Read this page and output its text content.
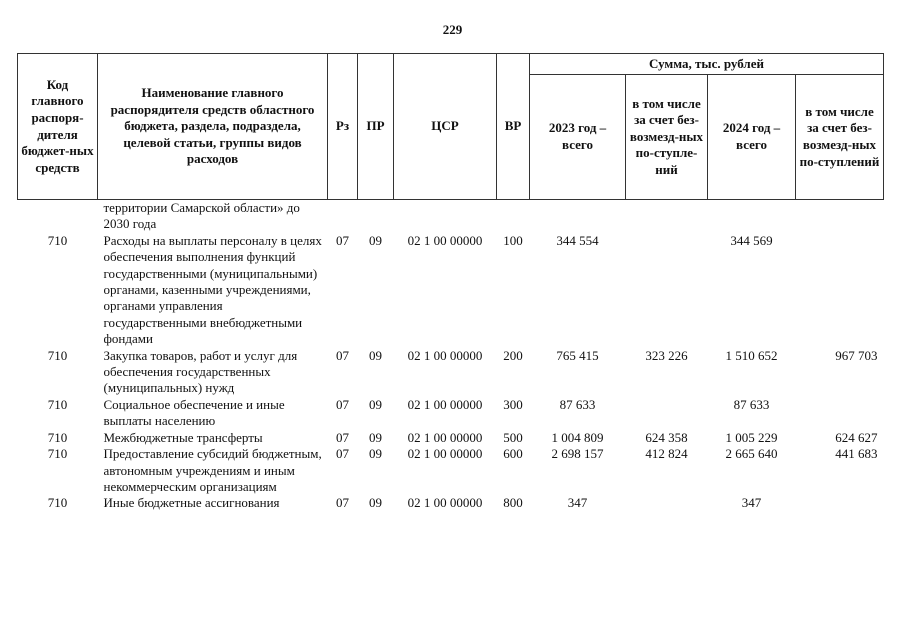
229
Код главного распоря-дителя бюджет-ных средств	Наименование главного распорядителя средств областного бюджета, раздела, подраздела, целевой статьи, группы видов расходов	Рз	ПР	ЦСР	ВР	Сумма, тыс. рублей			
						2023 год – всего	в том числе за счет без-возмезд-ных по-ступле-ний	2024 год – всего	в том числе за счет без-возмезд-ных по-ступлений
	территории Самарской области» до 2030 года								
710	Расходы на выплаты персоналу в целях обеспечения выполнения функций государственными (муниципальными) органами, казенными учреждениями, органами управления государственными внебюджетными фондами	07	09	02 1 00 00000	100	344 554		344 569	
710	Закупка товаров, работ и услуг для обеспечения государственных (муниципальных) нужд	07	09	02 1 00 00000	200	765 415	323 226	1 510 652	967 703
710	Социальное обеспечение и иные выплаты населению	07	09	02 1 00 00000	300	87 633		87 633	
710	Межбюджетные трансферты	07	09	02 1 00 00000	500	1 004 809	624 358	1 005 229	624 627
710	Предоставление субсидий бюджетным, автономным учреждениям и иным некоммерческим организациям	07	09	02 1 00 00000	600	2 698 157	412 824	2 665 640	441 683
710	Иные бюджетные ассигнования	07	09	02 1 00 00000	800	347		347	
